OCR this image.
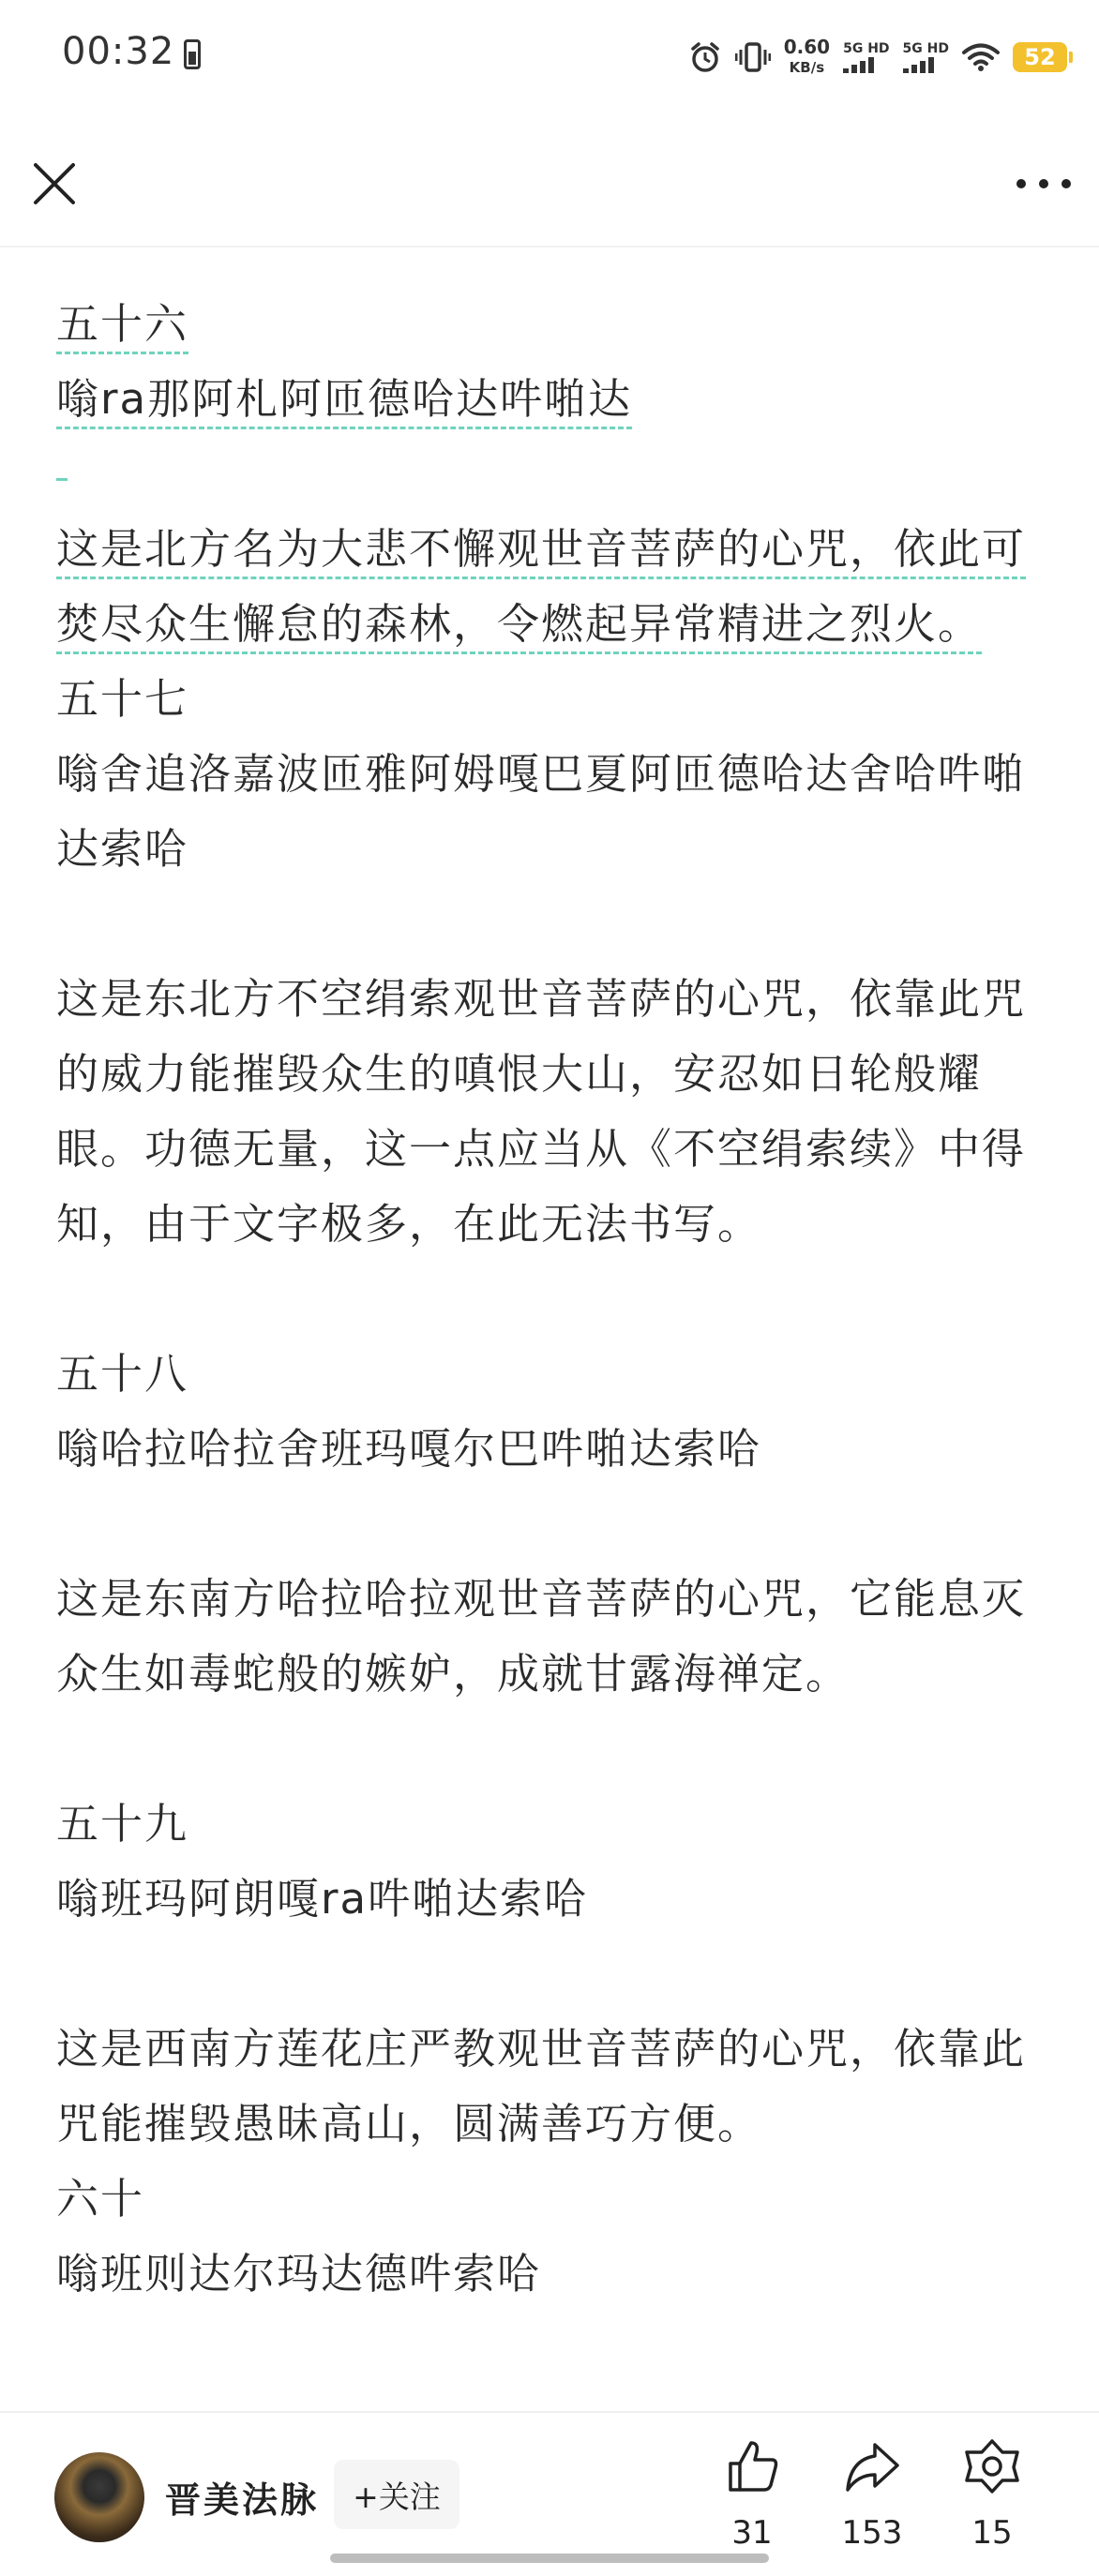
00:32	0.60
KB/s
5G HD 5G HD	52
五十六
嗡ra那阿札阿匝德哈达吽啪达
这是北方名为大悲不懈观世音菩萨的心咒，依此可焚尽众生懈怠的森林，令燃起异常精进之烈火。
五十七
嗡舍追洛嘉波匝雅阿姆嘎巴夏阿匝德哈达舍哈吽啪达索哈
这是东北方不空绢索观世音菩萨的心咒，依靠此咒的威力能摧毁众生的嗔恨大山，安忍如日轮般耀眼。功德无量，这一点应当从《不空绢索续》中得知，由于文字极多，在此无法书写。
五十八
嗡哈拉哈拉舍班玛嘎尔巴吽啪达索哈
这是东南方哈拉哈拉观世音菩萨的心咒，它能息灭众生如毒蛇般的嫉妒，成就甘露海禅定。
五十九
嗡班玛阿朗嘎ra吽啪达索哈
这是西南方莲花庄严教观世音菩萨的心咒，依靠此咒能摧毁愚昧高山，圆满善巧方便。
六十
嗡班则达尔玛达德吽索哈
晋美法脉	+关注
31 153 15
